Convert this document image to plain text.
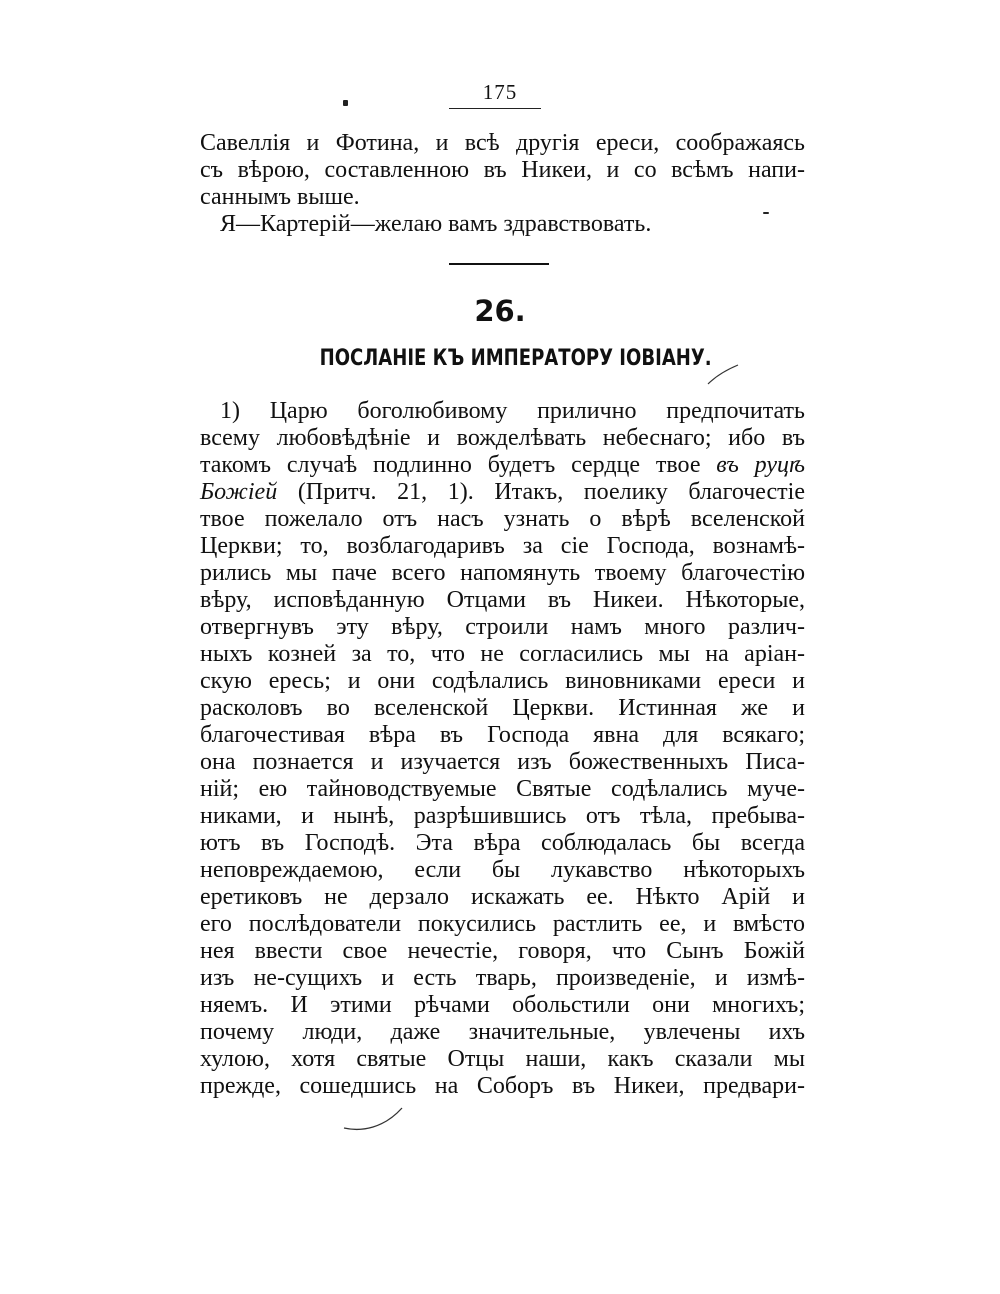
175
Савеллія и Фотина, и всѣ другія ереси, соображаясь
съ вѣрою, составленною въ Никеи, и со всѣмъ напи-
саннымъ выше.
Я—Картерій—желаю вамъ здравствовать.
26.
ПОСЛАНІЕ КЪ ИМПЕРАТОРУ ІОВІАНУ.
1) Царю боголюбивому прилично предпочитать
всему любовѣдѣніе и вожделѣвать небеснаго; ибо въ
такомъ случаѣ подлинно будетъ сердце твое въ руцѣ
Божіей (Притч. 21, 1). Итакъ, поелику благочестіе
твое пожелало отъ насъ узнать о вѣрѣ вселенской
Церкви; то, возблагодаривъ за сіе Господа, вознамѣ-
рились мы паче всего напомянуть твоему благочестію
вѣру, исповѣданную Отцами въ Никеи. Нѣкоторые,
отвергнувъ эту вѣру, строили намъ много различ-
ныхъ козней за то, что не согласились мы на аріан-
скую ересь; и они содѣлались виновниками ереси и
расколовъ во вселенской Церкви. Истинная же и
благочестивая вѣра въ Господа явна для всякаго;
она познается и изучается изъ божественныхъ Писа-
ній; ею тайноводствуемые Святые содѣлались муче-
никами, и нынѣ, разрѣшившись отъ тѣла, пребыва-
ютъ въ Господѣ. Эта вѣра соблюдалась бы всегда
неповреждаемою, если бы лукавство нѣкоторыхъ
еретиковъ не дерзало искажать ее. Нѣкто Арій и
его послѣдователи покусились растлить ее, и вмѣсто
нея ввести свое нечестіе, говоря, что Сынъ Божій
изъ не-сущихъ и есть тварь, произведеніе, и измѣ-
няемъ. И этими рѣчами обольстили они многихъ;
почему люди, даже значительные, увлечены ихъ
хулою, хотя святые Отцы наши, какъ сказали мы
прежде, сошедшись на Соборъ въ Никеи, предвари-
